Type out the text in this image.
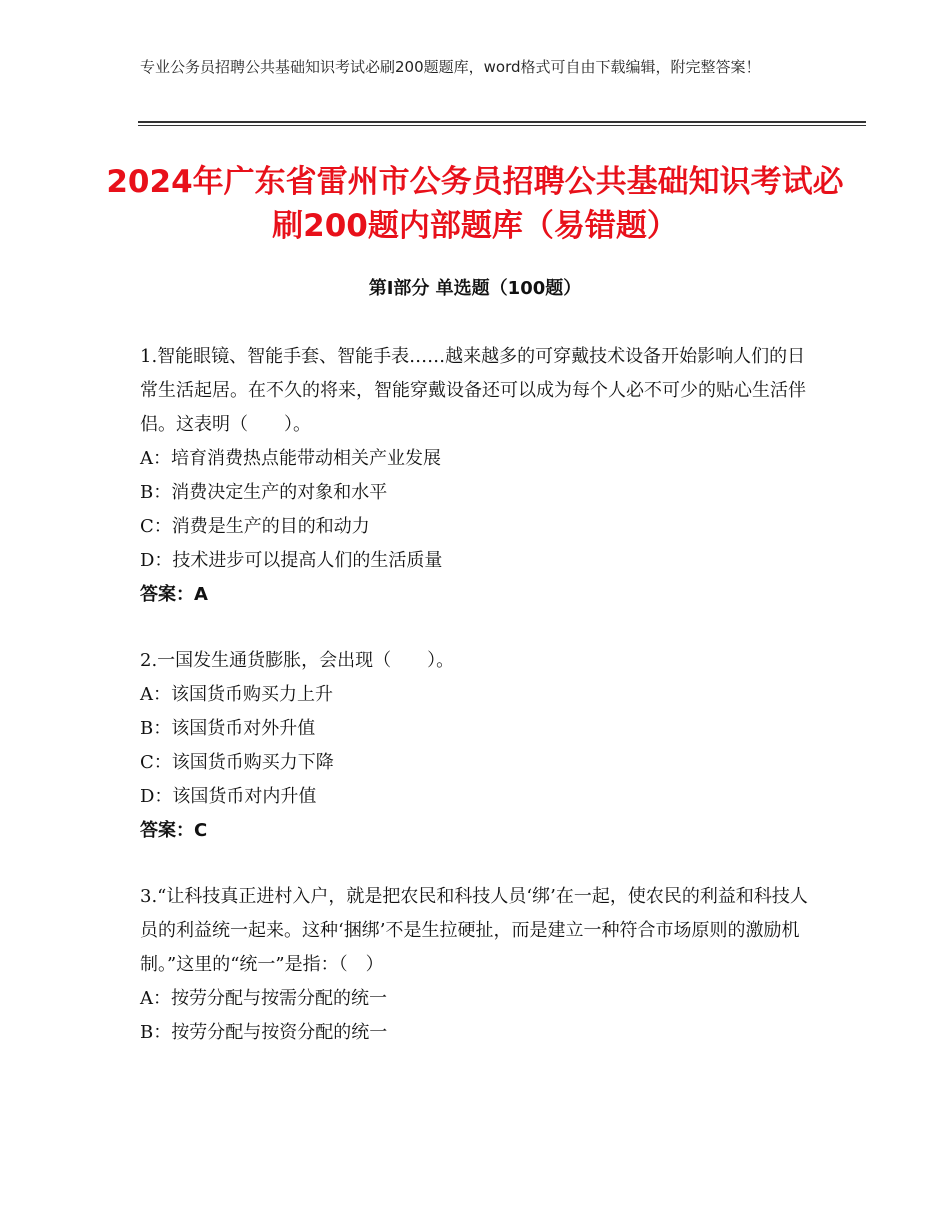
专业公务员招聘公共基础知识考试必刷200题题库，word格式可自由下载编辑，附完整答案！
2024年广东省雷州市公务员招聘公共基础知识考试必刷200题内部题库（易错题）
第Ⅰ部分 单选题（100题）
1.智能眼镜、智能手套、智能手表……越来越多的可穿戴技术设备开始影响人们的日常生活起居。在不久的将来，智能穿戴设备还可以成为每个人必不可少的贴心生活伴侣。这表明（　　）。
A：培育消费热点能带动相关产业发展
B：消费决定生产的对象和水平
C：消费是生产的目的和动力
D：技术进步可以提高人们的生活质量
答案：A
2.一国发生通货膨胀，会出现（　　）。
A：该国货币购买力上升
B：该国货币对外升值
C：该国货币购买力下降
D：该国货币对内升值
答案：C
3.“让科技真正进村入户，就是把农民和科技人员‘绑’在一起，使农民的利益和科技人员的利益统一起来。这种‘捆绑’不是生拉硬扯，而是建立一种符合市场原则的激励机制。”这里的“统一”是指：（　）
A：按劳分配与按需分配的统一
B：按劳分配与按资分配的统一
